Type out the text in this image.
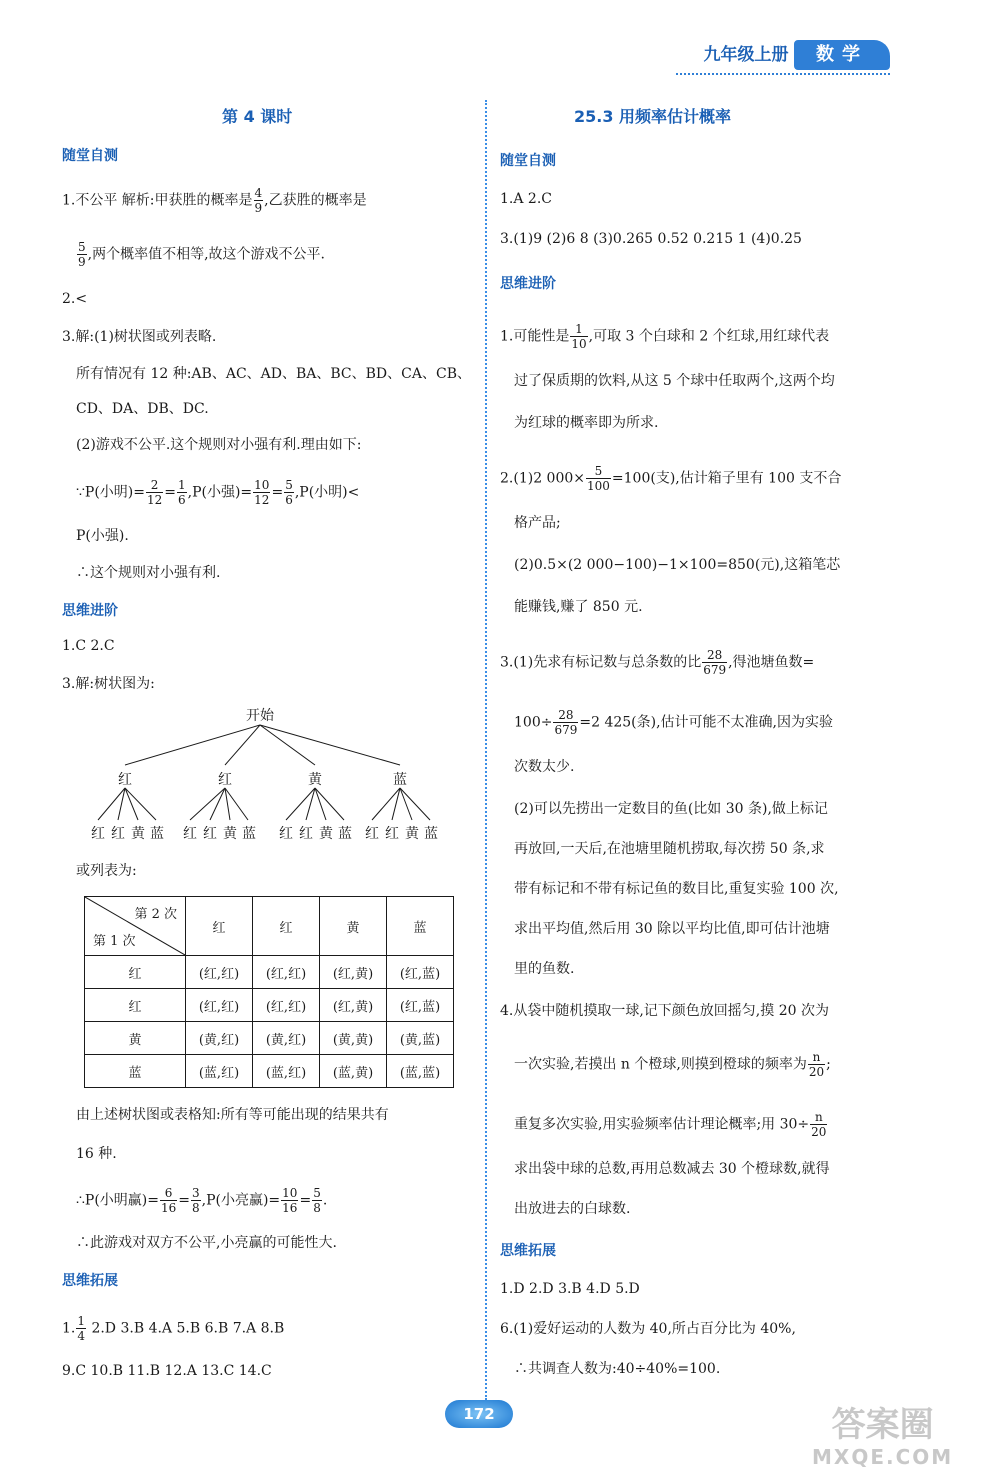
九年级上册	数学
第 4 课时
随堂自测
1.不公平 解析:甲获胜的概率是 $\frac{4}{9}$ ,乙获胜的概率是
$\frac{5}{9}$ ,两个概率值不相等,故这个游戏不公平.
2.<
3.解:(1)树状图或列表略.
所有情况有 12 种:AB、AC、AD、BA、BC、BD、CA、CB、
CD、DA、DB、DC.
(2)游戏不公平.这个规则对小强有利.理由如下:
∵P(小明)= $\frac{2}{12} = \frac{1}{6} ,P$(小强)= $\frac{10}{12} = \frac{5}{6} ,P$(小明)<
P(小强).
∴这个规则对小强有利.
思维进阶
1.C 2.C
3.解:树状图为:
开始
红	红	黄	蓝
红 红 黄 蓝 红 红 黄 蓝 红 红 黄 蓝 红 红 黄 蓝
或列表为:
第 2 次
第 1 次	红	红	黄	蓝
红	(红,红)	(红,红)	(红,黄)	(红,蓝)
红	(红,红)	(红,红)	(红,黄)	(红,蓝)
黄	(黄,红)	(黄,红)	(黄,黄)	(黄,蓝)
蓝	(蓝,红)	(蓝,红)	(蓝,黄)	(蓝,蓝)
由上述树状图或表格知:所有等可能出现的结果共有
16 种.
∴P(小明赢)= $\frac{6}{16} = \frac{3}{8} ,P$(小亮赢)= $\frac{10}{16} = \frac{5}{8}$ .
∴此游戏对双方不公平,小亮赢的可能性大.
思维拓展
1. $\frac{1}{4} 2.D$ 3.B 4.A 5.B 6.B 7.A 8.B
9.C 10.B 11.B 12.A 13.C 14.C
25.3 用频率估计概率
随堂自测
1.A 2.C
3.(1)9 (2)6 8 (3)0.265 0.52 0.215 1 (4)0.25
思维进阶
1.可能性是 $\frac{1}{10}$ ,可取 3 个白球和 2 个红球,用红球代表
过了保质期的饮料,从这 5 个球中任取两个,这两个均
为红球的概率即为所求.
2.(1)2 $000\times \frac{5}{100} =100$(支),估计箱子里有 100 支不合
格产品;
(2)0.5×(2 000−100)−1×100=850(元),这箱笔芯
能赚钱,赚了 850 元.
3.(1)先求有标记数与总条数的比 $\frac{28}{679}$ ,得池塘鱼数=
$100\div \frac{28}{679} =2$ 425(条),估计可能不太准确,因为实验
次数太少.
(2)可以先捞出一定数目的鱼(比如 30 条),做上标记
再放回,一天后,在池塘里随机捞取,每次捞 50 条,求
带有标记和不带有标记鱼的数目比,重复实验 100 次,
求出平均值,然后用 30 除以平均比值,即可估计池塘
里的鱼数.
4.从袋中随机摸取一球,记下颜色放回摇匀,摸 20 次为
一次实验,若摸出 n 个橙球,则摸到橙球的频率为 $\frac{n}{20}$ ;
重复多次实验,用实验频率估计理论概率;用 $30\div \frac{n}{20}$
求出袋中球的总数,再用总数减去 30 个橙球数,就得
出放进去的白球数.
思维拓展
1.D 2.D 3.B 4.D 5.D
6.(1)爱好运动的人数为 40,所占百分比为 40%,
∴共调查人数为:40÷40%=100.
172	答案圈
MXQE.COM
